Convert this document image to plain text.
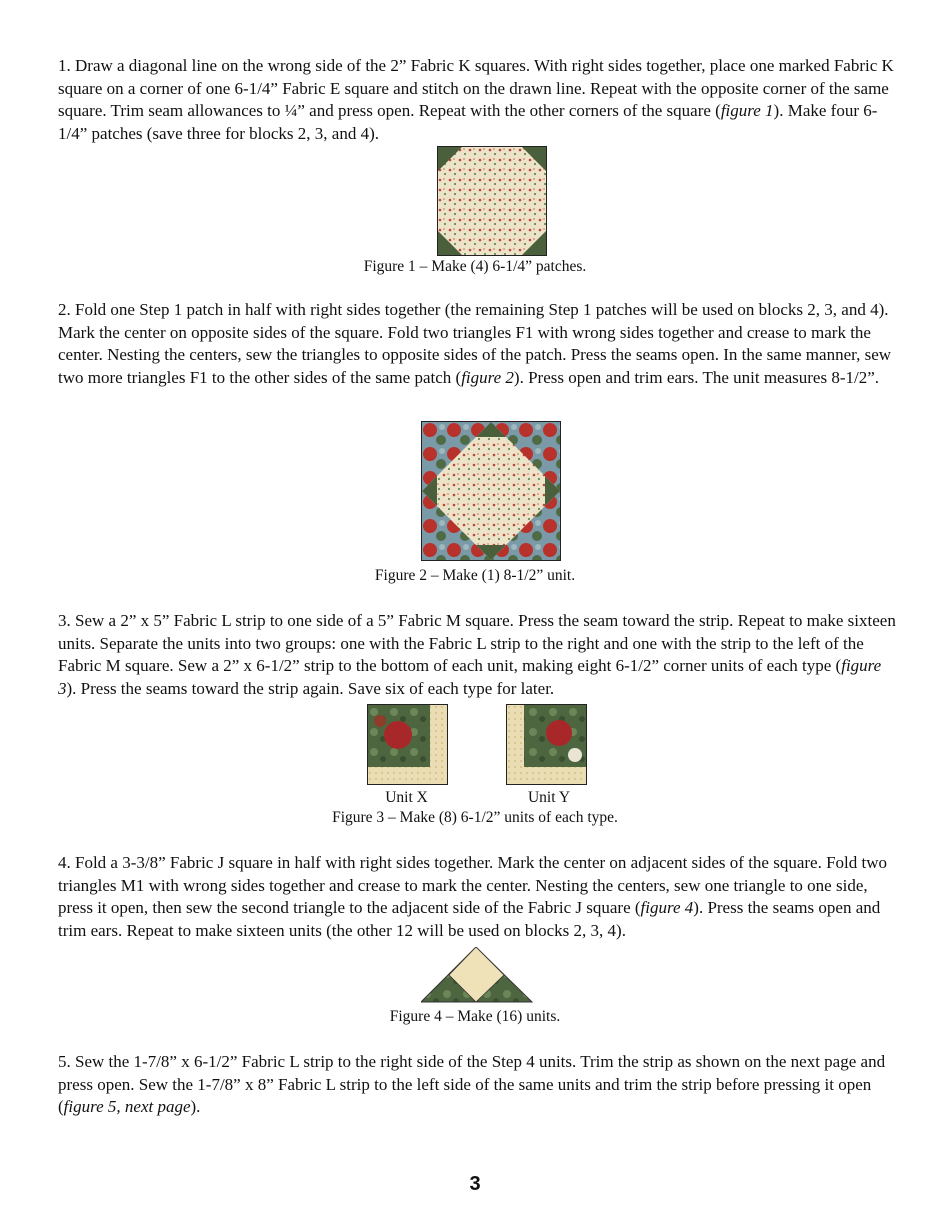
1. Draw a diagonal line on the wrong side of the 2” Fabric K squares. With right sides together, place one marked Fabric K square on a corner of one 6-1/4” Fabric E square and stitch on the drawn line. Repeat with the opposite corner of the same square. Trim seam allowances to ¼” and press open. Repeat with the other corners of the square (figure 1). Make four 6-1/4” patches (save three for blocks 2, 3, and 4).

Figure 1 – Make (4) 6-1/4” patches.

2. Fold one Step 1 patch in half with right sides together (the remaining Step 1 patches will be used on blocks 2, 3, and 4). Mark the center on opposite sides of the square. Fold two triangles F1 with wrong sides together and crease to mark the center. Nesting the centers, sew the triangles to opposite sides of the patch. Press the seams open. In the same manner, sew two more triangles F1 to the other sides of the same patch (figure 2). Press open and trim ears. The unit measures 8-1/2”.

Figure 2 – Make (1) 8-1/2” unit.

3. Sew a 2” x 5” Fabric L strip to one side of a 5” Fabric M square. Press the seam toward the strip. Repeat to make sixteen units. Separate the units into two groups: one with the Fabric L strip to the right and one with the strip to the left of the Fabric M square. Sew a 2” x 6-1/2” strip to the bottom of each unit, making eight 6-1/2” corner units of each type (figure 3). Press the seams toward the strip again. Save six of each type for later.

Unit X	Unit Y
Figure 3 – Make (8) 6-1/2” units of each type.

4. Fold a 3-3/8” Fabric J square in half with right sides together. Mark the center on adjacent sides of the square. Fold two triangles M1 with wrong sides together and crease to mark the center. Nesting the centers, sew one triangle to one side, press it open, then sew the second triangle to the adjacent side of the Fabric J square (figure 4). Press the seams open and trim ears. Repeat to make sixteen units (the other 12 will be used on blocks 2, 3, 4).

Figure 4 – Make (16) units.

5. Sew the 1-7/8” x 6-1/2” Fabric L strip to the right side of the Step 4 units. Trim the strip as shown on the next page and press open. Sew the 1-7/8” x 8” Fabric L strip to the left side of the same units and trim the strip before pressing it open (figure 5, next page).

3
